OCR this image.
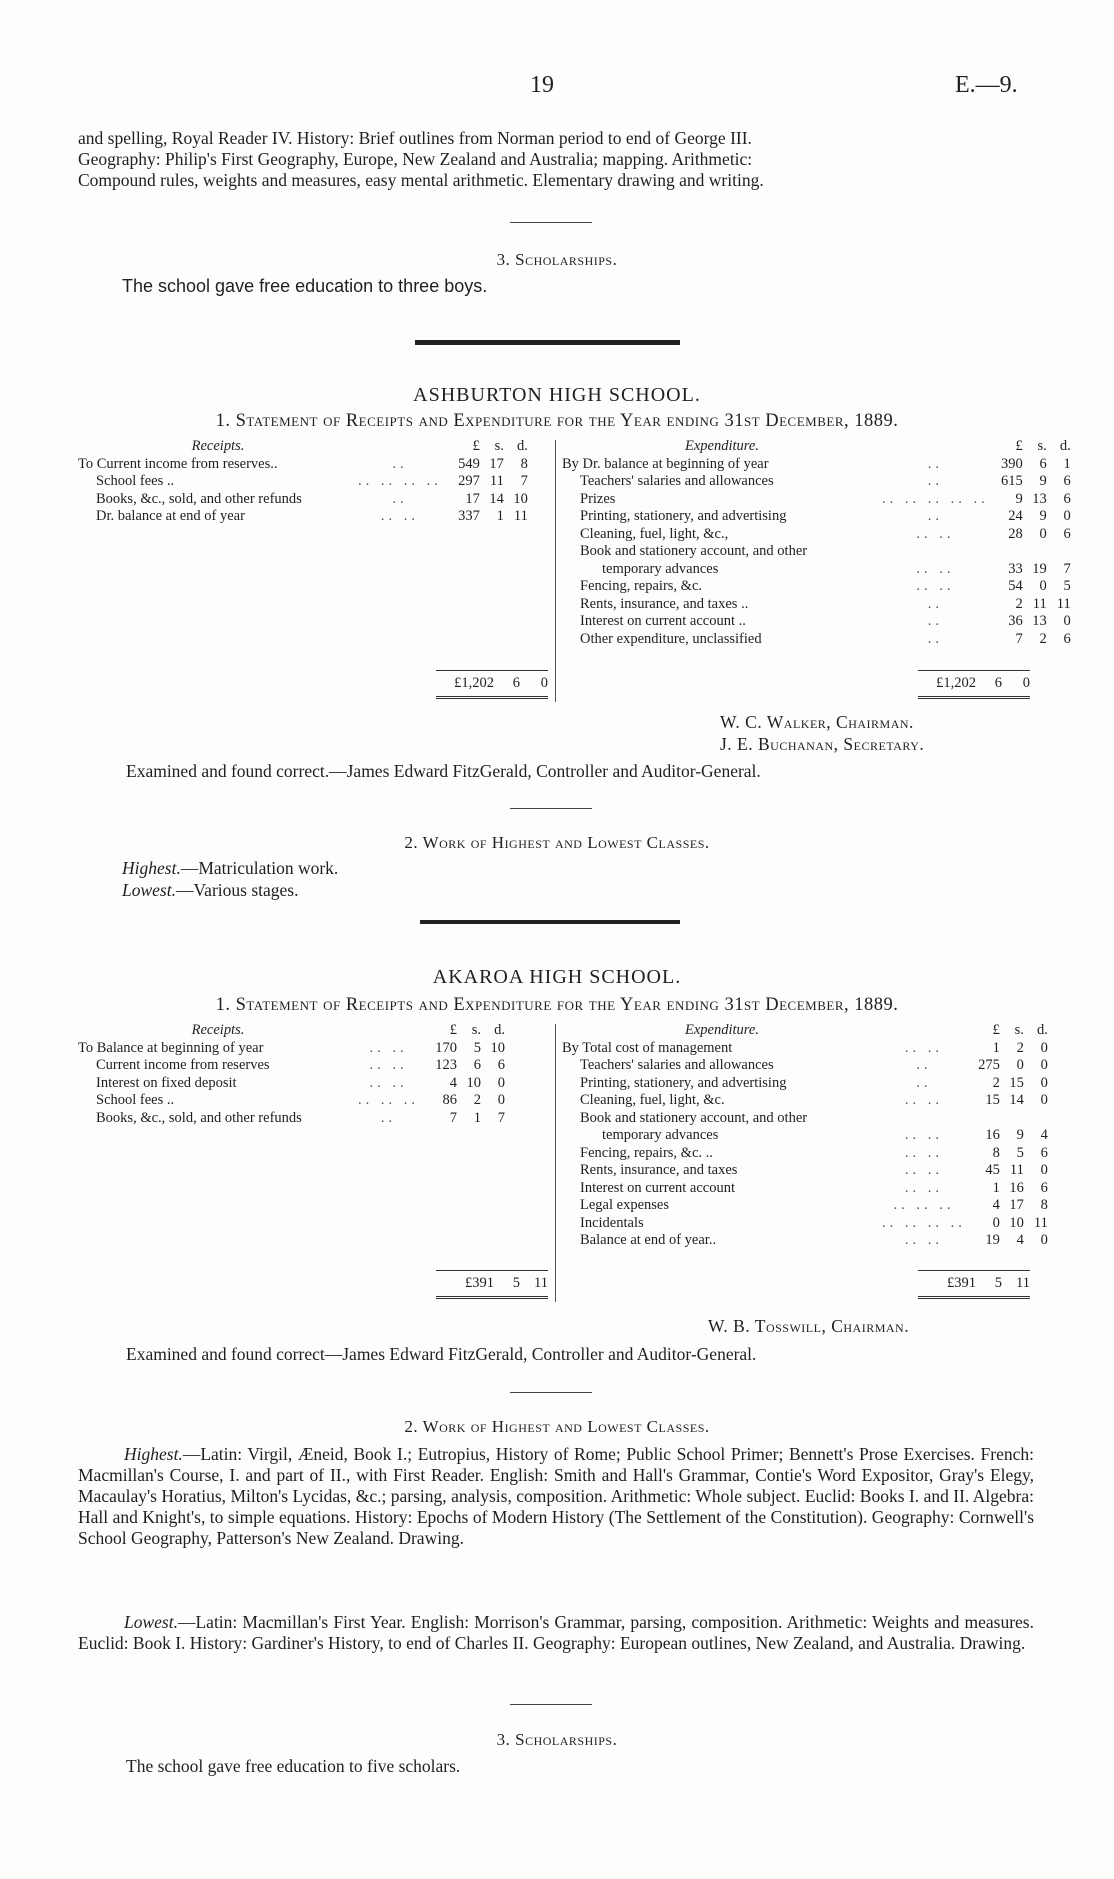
19	E.—9.
and spelling, Royal Reader IV. History: Brief outlines from Norman period to end of George III.
Geography: Philip's First Geography, Europe, New Zealand and Australia; mapping. Arithmetic:
Compound rules, weights and measures, easy mental arithmetic. Elementary drawing and writing.
3. Scholarships.
The school gave free education to three boys.
ASHBURTON HIGH SCHOOL.
1. Statement of Receipts and Expenditure for the Year ending 31st December, 1889.
Receipts.		£	s.	d.
To Current income from reserves..	..	549	17	8
School fees ..	.. .. .. ..	297	11	7
Books, &c., sold, and other refunds	..	17	14	10
Dr. balance at end of year	.. ..	337	1	11
£1,202	6	0
Expenditure.		£	s.	d.
By Dr. balance at beginning of year	..	390	6	1
Teachers' salaries and allowances	..	615	9	6
Prizes	.. .. .. .. ..	9	13	6
Printing, stationery, and advertising	..	24	9	0
Cleaning, fuel, light, &c.,	.. ..	28	0	6
Book and stationery account, and other				
temporary advances	.. ..	33	19	7
Fencing, repairs, &c.	.. ..	54	0	5
Rents, insurance, and taxes ..	..	2	11	11
Interest on current account ..	..	36	13	0
Other expenditure, unclassified	..	7	2	6
£1,202	6	0
W. C. Walker, Chairman.
J. E. Buchanan, Secretary.
Examined and found correct.—James Edward FitzGerald, Controller and Auditor-General.
2. Work of Highest and Lowest Classes.
Highest.—Matriculation work.
Lowest.—Various stages.
AKAROA HIGH SCHOOL.
1. Statement of Receipts and Expenditure for the Year ending 31st December, 1889.
Receipts.		£	s.	d.
To Balance at beginning of year	.. ..	170	5	10
Current income from reserves	.. ..	123	6	6
Interest on fixed deposit	.. ..	4	10	0
School fees ..	.. .. ..	86	2	0
Books, &c., sold, and other refunds	..	7	1	7
£391	5	11
Expenditure.		£	s.	d.
By Total cost of management	.. ..	1	2	0
Teachers' salaries and allowances	..	275	0	0
Printing, stationery, and advertising	..	2	15	0
Cleaning, fuel, light, &c.	.. ..	15	14	0
Book and stationery account, and other				
temporary advances	.. ..	16	9	4
Fencing, repairs, &c. ..	.. ..	8	5	6
Rents, insurance, and taxes	.. ..	45	11	0
Interest on current account	.. ..	1	16	6
Legal expenses	.. .. ..	4	17	8
Incidentals	.. .. .. ..	0	10	11
Balance at end of year..	.. ..	19	4	0
£391	5	11
W. B. Tosswill, Chairman.
Examined and found correct—James Edward FitzGerald, Controller and Auditor-General.
2. Work of Highest and Lowest Classes.
Highest.—Latin: Virgil, Æneid, Book I.; Eutropius, History of Rome; Public School Primer; Bennett's Prose Exercises. French: Macmillan's Course, I. and part of II., with First Reader. English: Smith and Hall's Grammar, Contie's Word Expositor, Gray's Elegy, Macaulay's Horatius, Milton's Lycidas, &c.; parsing, analysis, composition. Arithmetic: Whole subject. Euclid: Books I. and II. Algebra: Hall and Knight's, to simple equations. History: Epochs of Modern History (The Settlement of the Constitution). Geography: Cornwell's School Geography, Patterson's New Zealand. Drawing.
Lowest.—Latin: Macmillan's First Year. English: Morrison's Grammar, parsing, composition. Arithmetic: Weights and measures. Euclid: Book I. History: Gardiner's History, to end of Charles II. Geography: European outlines, New Zealand, and Australia. Drawing.
3. Scholarships.
The school gave free education to five scholars.
